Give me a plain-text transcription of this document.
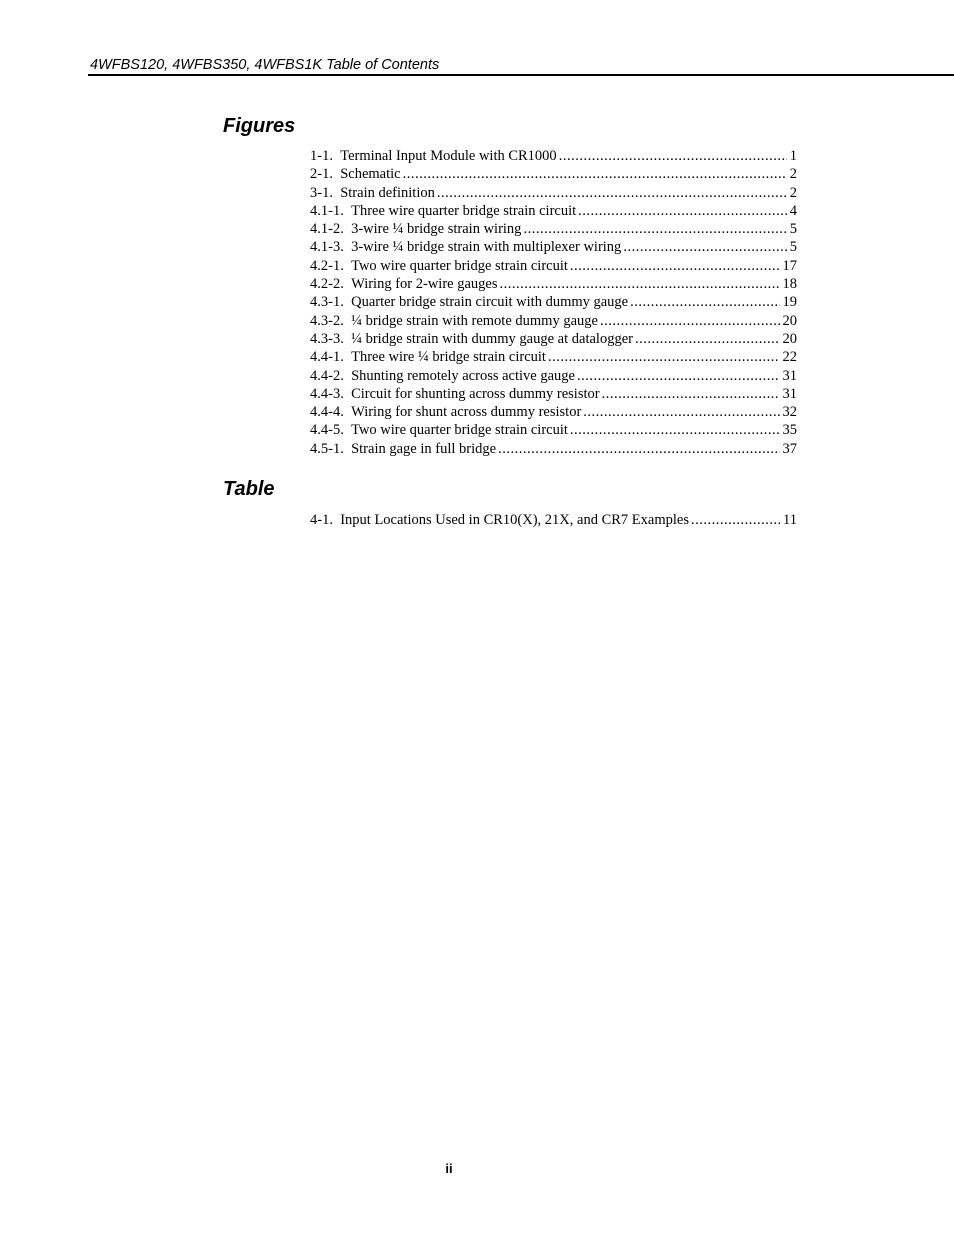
4WFBS120, 4WFBS350, 4WFBS1K Table of Contents
Figures
1-1. Terminal Input Module with CR1000 .....	1
2-1. Schematic .....	2
3-1. Strain definition .....	2
4.1-1. Three wire quarter bridge strain circuit .....	4
4.1-2. 3-wire ¼ bridge strain wiring .....	5
4.1-3. 3-wire ¼ bridge strain with multiplexer wiring .....	5
4.2-1. Two wire quarter bridge strain circuit .....	17
4.2-2. Wiring for 2-wire gauges .....	18
4.3-1. Quarter bridge strain circuit with dummy gauge .....	19
4.3-2. ¼ bridge strain with remote dummy gauge .....	20
4.3-3. ¼ bridge strain with dummy gauge at datalogger .....	20
4.4-1. Three wire ¼ bridge strain circuit .....	22
4.4-2. Shunting remotely across active gauge .....	31
4.4-3. Circuit for shunting across dummy resistor .....	31
4.4-4. Wiring for shunt across dummy resistor .....	32
4.4-5. Two wire quarter bridge strain circuit .....	35
4.5-1. Strain gage in full bridge .....	37
Table
4-1. Input Locations Used in CR10(X), 21X, and CR7 Examples .....	11
ii
